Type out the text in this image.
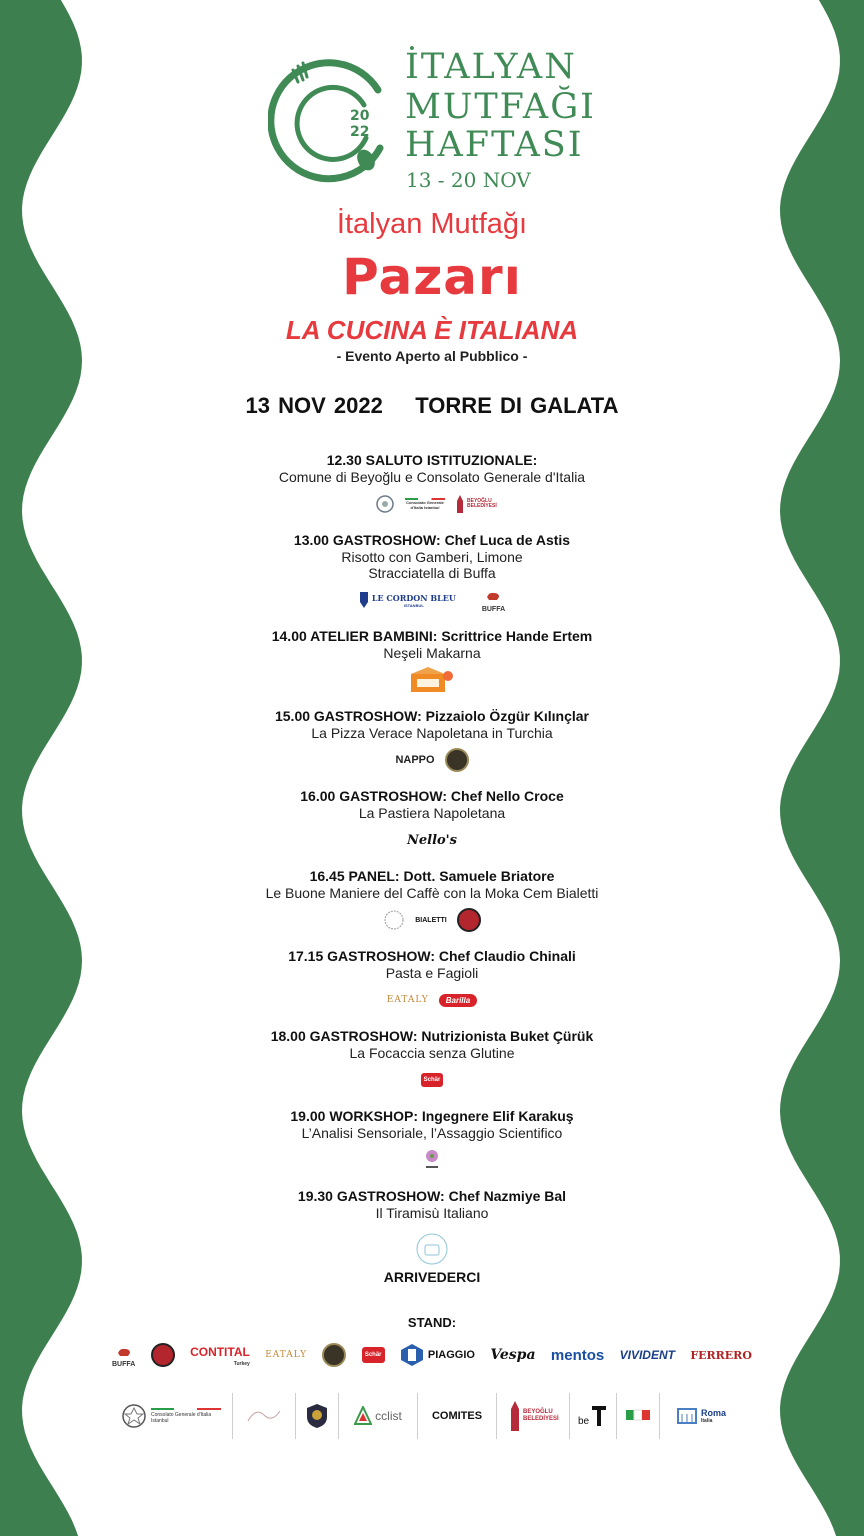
20
22
İTALYAN
MUTFAĞI
HAFTASI
13 - 20 NOV
İtalyan Mutfağı
Pazarı
LA CUCINA È ITALIANA
- Evento Aperto al Pubblico -
13 NOV 2022    TORRE DI GALATA
12.30 SALUTO ISTITUZIONALE:
Comune di Beyoğlu e Consolato Generale d'Italia
Consolato Generale d'Italia Istanbul
BEYOĞLU BELEDİYESİ
13.00 GASTROSHOW: Chef Luca de Astis
Risotto con Gamberi, Limone
Stracciatella di Buffa
LE CORDON BLEU
ISTANBUL
BUFFA
14.00 ATELIER BAMBINI: Scrittrice Hande Ertem
Neşeli Makarna
15.00 GASTROSHOW: Pizzaiolo Özgür Kılınçlar
La Pizza Verace Napoletana in Turchia
NAPPO
16.00 GASTROSHOW: Chef Nello Croce
La Pastiera Napoletana
Nello's
16.45 PANEL: Dott. Samuele Briatore
Le Buone Maniere del Caffè con la Moka Cem Bialetti
BIALETTI
17.15 GASTROSHOW: Chef Claudio Chinali
Pasta e Fagioli
EATALY	Barilla
18.00 GASTROSHOW: Nutrizionista Buket Çürük
La Focaccia senza Glutine
Schär
19.00 WORKSHOP: Ingegnere Elif Karakuş
L’Analisi Sensoriale, l’Assaggio Scientifico
19.30 GASTROSHOW: Chef Nazmiye Bal
Il Tiramisù Italiano
ARRIVEDERCI
STAND:
BUFFA
CONTITAL
Turkey
EATALY	Schär	PIAGGIO Vespa mentos VIVIDENT FERRERO
Consolato Generale d'Italia Istanbul	cclist	COMITES	BEYOĞLU BELEDİYESİ be
Roma
Italia
